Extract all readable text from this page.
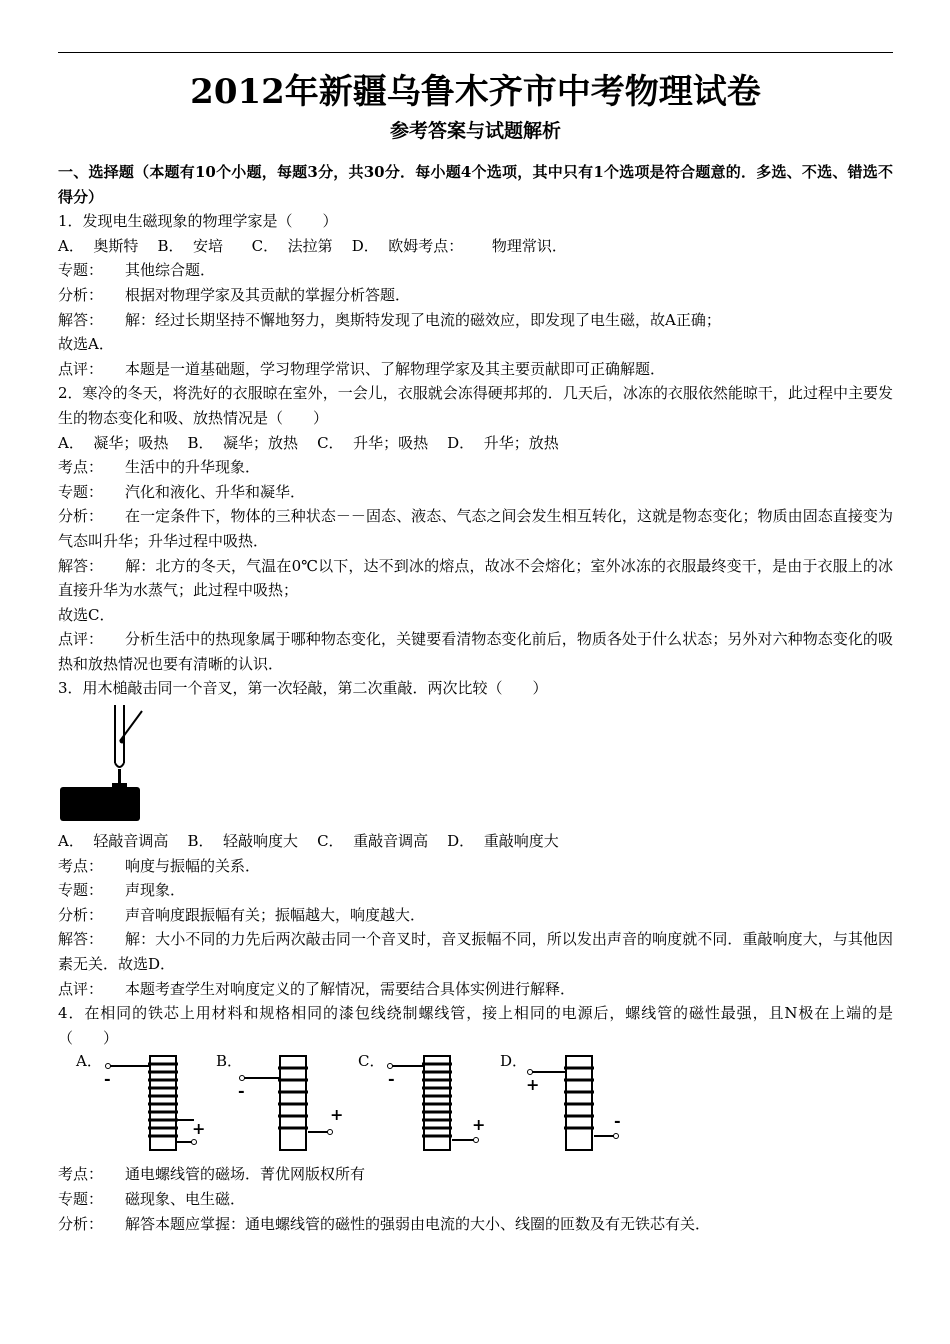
2012年新疆乌鲁木齐市中考物理试卷
参考答案与试题解析
一、选择题（本题有10个小题，每题3分，共30分．每小题4个选项，其中只有1个选项是符合题意的．多选、不选、错选不得分）
1．发现电生磁现象的物理学家是（　　）
A．  奥斯特    B．  安培      C．  法拉第    D．  欧姆考点：      物理常识．
专题： 其他综合题．
分析： 根据对物理学家及其贡献的掌握分析答题．
解答： 解：经过长期坚持不懈地努力，奥斯特发现了电流的磁效应，即发现了电生磁，故A正确；
故选A．
点评： 本题是一道基础题，学习物理学常识、了解物理学家及其主要贡献即可正确解题．
2．寒冷的冬天，将洗好的衣服晾在室外，一会儿，衣服就会冻得硬邦邦的．几天后，冰冻的衣服依然能晾干，此过程中主要发生的物态变化和吸、放热情况是（　　）
A．  凝华；吸热    B．  凝华；放热    C．  升华；吸热    D．  升华；放热
考点： 生活中的升华现象．
专题： 汽化和液化、升华和凝华．
分析： 在一定条件下，物体的三种状态－－固态、液态、气态之间会发生相互转化，这就是物态变化；物质由固态直接变为气态叫升华；升华过程中吸热．
解答： 解：北方的冬天，气温在0℃以下，达不到冰的熔点，故冰不会熔化；室外冰冻的衣服最终变干，是由于衣服上的冰直接升华为水蒸气；此过程中吸热；
故选C．
点评： 分析生活中的热现象属于哪种物态变化，关键要看清物态变化前后，物质各处于什么状态；另外对六种物态变化的吸热和放热情况也要有清晰的认识．
3．用木槌敲击同一个音叉，第一次轻敲，第二次重敲．两次比较（　　）
A．  轻敲音调高    B．  轻敲响度大    C．  重敲音调高    D．  重敲响度大
考点： 响度与振幅的关系．
专题： 声现象．
分析： 声音响度跟振幅有关；振幅越大，响度越大．
解答： 解：大小不同的力先后两次敲击同一个音叉时，音叉振幅不同，所以发出声音的响度就不同．重敲响度大，与其他因素无关．故选D．
点评： 本题考查学生对响度定义的了解情况，需要结合具体实例进行解释．
4．在相同的铁芯上用材料和规格相同的漆包线绕制螺线管，接上相同的电源后，螺线管的磁性最强，且N极在上端的是（　　）
A．
-
+
B．
-
+
C．
-
+
D．
+
-
考点： 通电螺线管的磁场．菁优网版权所有
专题： 磁现象、电生磁．
分析： 解答本题应掌握：通电螺线管的磁性的强弱由电流的大小、线圈的匝数及有无铁芯有关．
